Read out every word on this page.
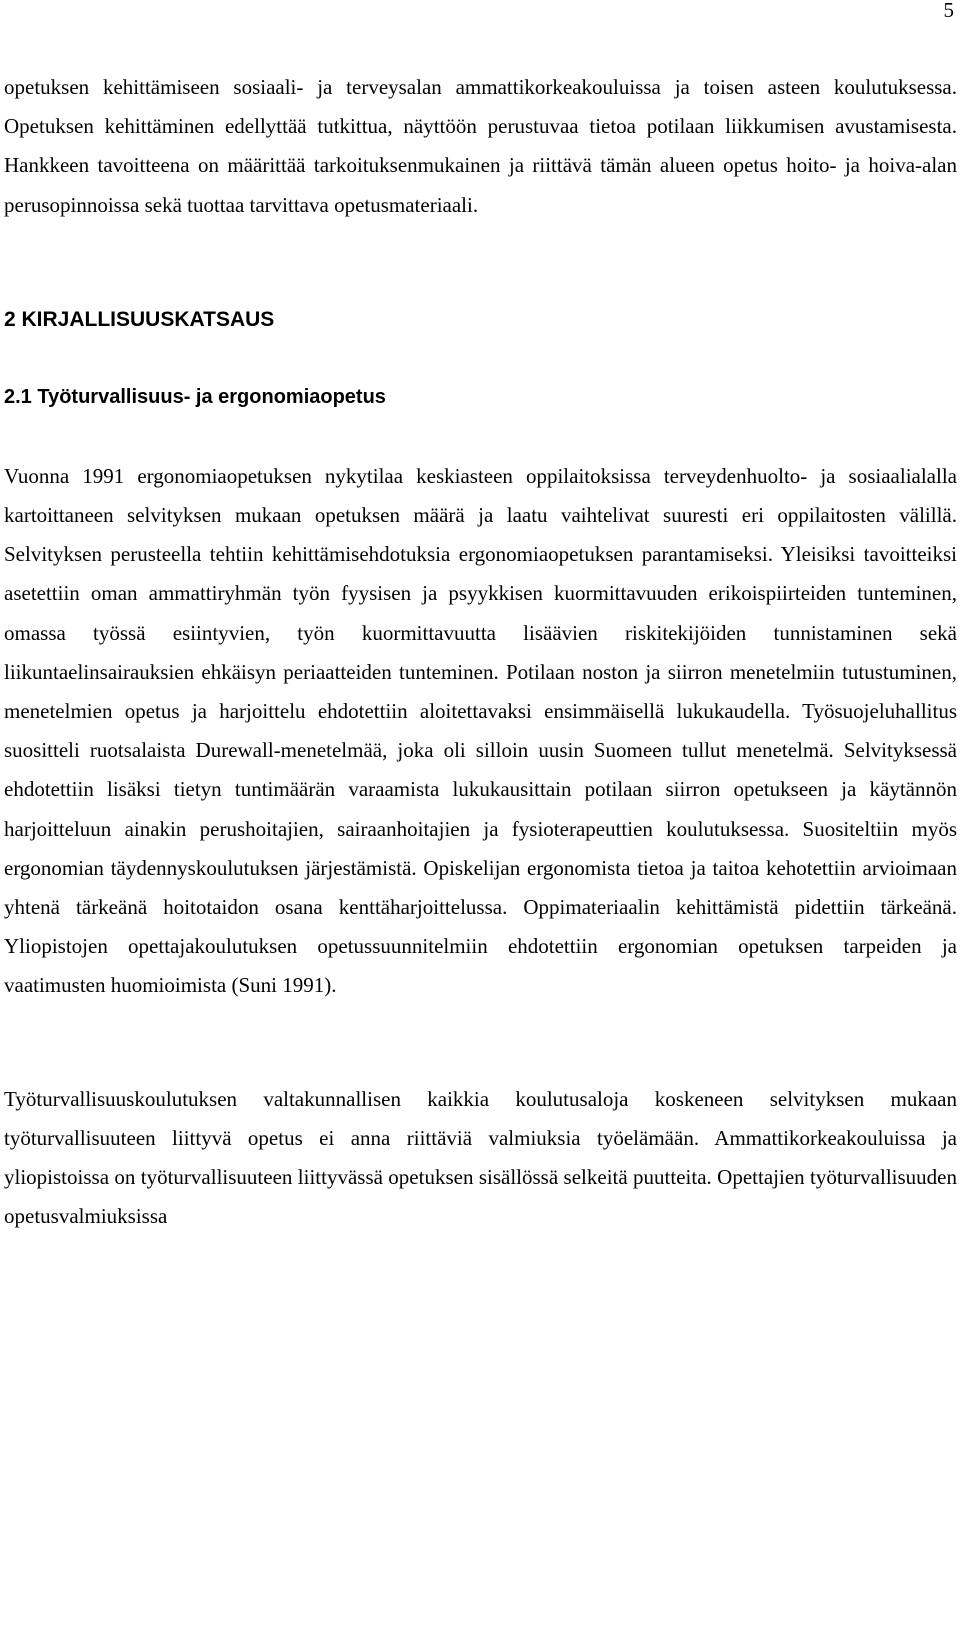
5

opetuksen kehittämiseen sosiaali- ja terveysalan ammattikorkeakouluissa ja toisen asteen koulutuksessa. Opetuksen kehittäminen edellyttää tutkittua, näyttöön perustuvaa tietoa potilaan liikkumisen avustamisesta. Hankkeen tavoitteena on määrittää tarkoituksenmukainen ja riittävä tämän alueen opetus hoito- ja hoiva-alan perusopinnoissa sekä tuottaa tarvittava opetusmateriaali.

2 KIRJALLISUUSKATSAUS
2.1 Työturvallisuus- ja ergonomiaopetus

Vuonna 1991 ergonomiaopetuksen nykytilaa keskiasteen oppilaitoksissa terveydenhuolto- ja sosiaalialalla kartoittaneen selvityksen mukaan opetuksen määrä ja laatu vaihtelivat suuresti eri oppilaitosten välillä. Selvityksen perusteella tehtiin kehittämisehdotuksia ergonomiaopetuksen parantamiseksi. Yleisiksi tavoitteiksi asetettiin oman ammattiryhmän työn fyysisen ja psyykkisen kuormittavuuden erikoispiirteiden tunteminen, omassa työssä esiintyvien, työn kuormittavuutta lisäävien riskitekijöiden tunnistaminen sekä liikuntaelinsairauksien ehkäisyn periaatteiden tunteminen. Potilaan noston ja siirron menetelmiin tutustuminen, menetelmien opetus ja harjoittelu ehdotettiin aloitettavaksi ensimmäisellä lukukaudella. Työsuojeluhallitus suositteli ruotsalaista Durewall-menetelmää, joka oli silloin uusin Suomeen tullut menetelmä. Selvityksessä ehdotettiin lisäksi tietyn tuntimäärän varaamista lukukausittain potilaan siirron opetukseen ja käytännön harjoitteluun ainakin perushoitajien, sairaanhoitajien ja fysioterapeuttien koulutuksessa. Suositeltiin myös ergonomian täydennyskoulutuksen järjestämistä. Opiskelijan ergonomista tietoa ja taitoa kehotettiin arvioimaan yhtenä tärkeänä hoitotaidon osana kenttäharjoittelussa. Oppimateriaalin kehittämistä pidettiin tärkeänä. Yliopistojen opettajakoulutuksen opetussuunnitelmiin ehdotettiin ergonomian opetuksen tarpeiden ja vaatimusten huomioimista (Suni 1991).

Työturvallisuuskoulutuksen valtakunnallisen kaikkia koulutusaloja koskeneen selvityksen mukaan työturvallisuuteen liittyvä opetus ei anna riittäviä valmiuksia työelämään. Ammattikorkeakouluissa ja yliopistoissa on työturvallisuuteen liittyvässä opetuksen sisällössä selkeitä puutteita. Opettajien työturvallisuuden opetusvalmiuksissa
